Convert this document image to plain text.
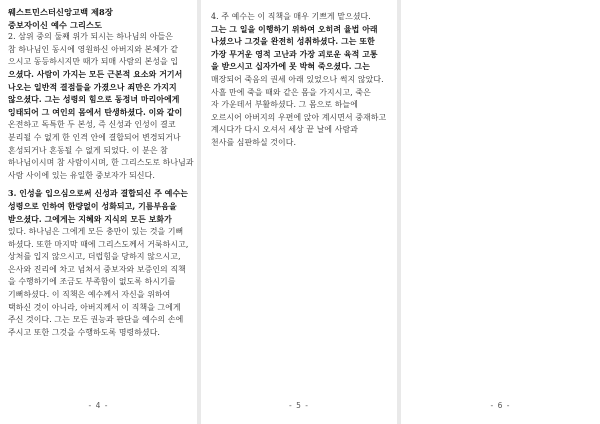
웨스트민스터신앙고백 제8장
중보자이신 예수 그리스도
2. 삼위 중의 둘째 위가 되시는 하나님의 아들은
참 하나님인 동시에 영원하신 아버지와 본체가 같
으시고 동등하시지만 때가 되매 사람의 본성을 입
으셨다. 사람이 가지는 모든 근본적 요소와 거기서
나오는 일반적 결점들을 가졌으나 죄만은 가지지
않으셨다. 그는 성령의 힘으로 동정녀 마리아에게
잉태되어 그 여인의 몸에서 탄생하셨다. 이와 같이
온전하고 독특한 두 본성, 즉 신성과 인성이 결코
분리될 수 없게 한 인격 안에 결합되어 변경되거나
혼성되거나 혼동될 수 없게 되었다. 이 분은 참
하나님이시며 참 사람이시며, 한 그리스도로 하나님과
사람 사이에 있는 유일한 중보자가 되신다.
3. 인성을 입으심으로써 신성과 결합되신 주 예수는
성령으로 인하여 한량없이 성화되고, 기름부음을
받으셨다. 그에게는 지혜와 지식의 모든 보화가
있다. 하나님은 그에게 모든 충만이 있는 것을 기뻐
하셨다. 또한 마지막 때에 그리스도께서 거룩하시고,
상처를 입지 않으시고, 더럽힘을 당하지 않으시고,
은사와 진리에 차고 넘쳐서 중보자와 보증인의 직책
을 수행하기에 조금도 부족함이 없도록 하시기를
기뻐하셨다. 이 직책은 예수께서 자신을 위하여
택하신 것이 아니라, 아버지께서 이 직책을 그에게
주신 것이다. 그는 모든 권능과 판단을 예수의 손에
주시고 또한 그것을 수행하도록 명령하셨다.
- 4 -
4. 주 예수는 이 직책을 매우 기쁘게 맡으셨다.
그는 그 일을 이행하기 위하여 오히려 율법 아래
나셨으나 그것을 완전히 성취하셨다. 그는 또한
가장 무거운 영적 고난과 가장 괴로운 육적 고통
을 받으시고 십자가에 못 박혀 죽으셨다. 그는
매장되어 죽음의 권세 아래 있었으나 썩지 않았다.
사흘 만에 죽을 때와 같은 몸을 가지시고, 죽은
자 가운데서 부활하셨다. 그 몸으로 하늘에
오르시어 아버지의 우편에 앉아 계시면서 중재하고
계시다가 다시 오셔서 세상 끝 날에 사람과
천사를 심판하실 것이다.
- 5 -	- 6 -
